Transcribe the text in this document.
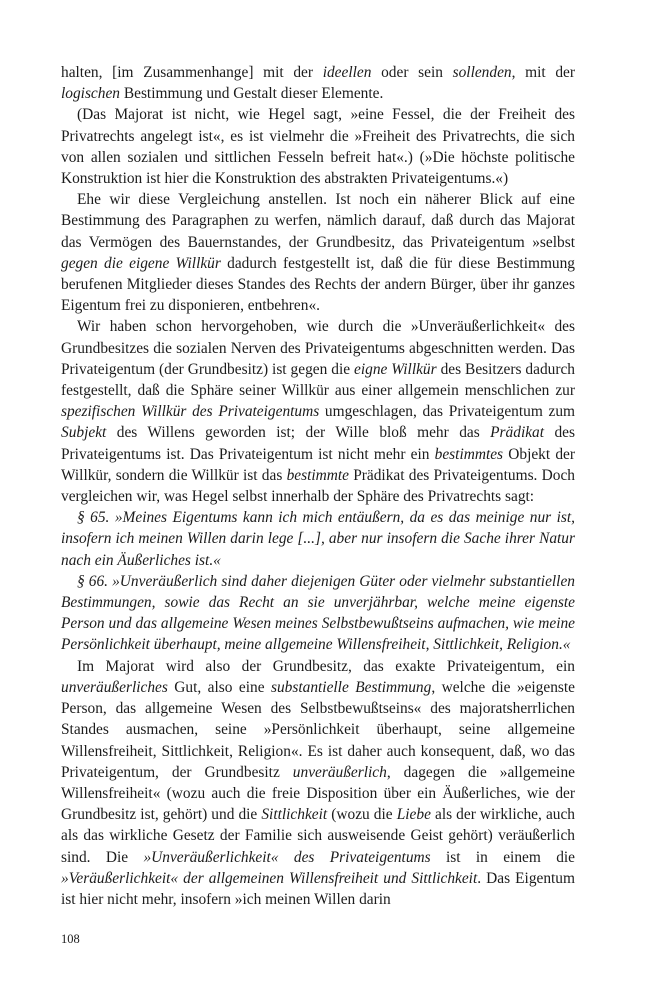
halten, [im Zusammenhange] mit der ideellen oder sein sollenden, mit der logischen Bestimmung und Gestalt dieser Elemente.

(Das Majorat ist nicht, wie Hegel sagt, »eine Fessel, die der Freiheit des Privatrechts angelegt ist«, es ist vielmehr die »Freiheit des Privatrechts, die sich von allen sozialen und sittlichen Fesseln befreit hat«.) (»Die höchste politische Konstruktion ist hier die Konstruktion des abstrakten Privateigentums.«)

Ehe wir diese Vergleichung anstellen. Ist noch ein näherer Blick auf eine Bestimmung des Paragraphen zu werfen, nämlich darauf, daß durch das Majorat das Vermögen des Bauernstandes, der Grundbesitz, das Privateigentum »selbst gegen die eigene Willkür dadurch festgestellt ist, daß die für diese Bestimmung berufenen Mitglieder dieses Standes des Rechts der andern Bürger, über ihr ganzes Eigentum frei zu disponieren, entbehren«.

Wir haben schon hervorgehoben, wie durch die »Unveräußerlichkeit« des Grundbesitzes die sozialen Nerven des Privateigentums abgeschnitten werden. Das Privateigentum (der Grundbesitz) ist gegen die eigne Willkür des Besitzers dadurch festgestellt, daß die Sphäre seiner Willkür aus einer allgemein menschlichen zur spezifischen Willkür des Privateigentums umgeschlagen, das Privateigentum zum Subjekt des Willens geworden ist; der Wille bloß mehr das Prädikat des Privateigentums ist. Das Privateigentum ist nicht mehr ein bestimmtes Objekt der Willkür, sondern die Willkür ist das bestimmte Prädikat des Privateigentums. Doch vergleichen wir, was Hegel selbst innerhalb der Sphäre des Privatrechts sagt:

§ 65. »Meines Eigentums kann ich mich entäußern, da es das meinige nur ist, insofern ich meinen Willen darin lege [...], aber nur insofern die Sache ihrer Natur nach ein Äußerliches ist.«

§ 66. »Unveräußerlich sind daher diejenigen Güter oder vielmehr substantiellen Bestimmungen, sowie das Recht an sie unverjährbar, welche meine eigenste Person und das allgemeine Wesen meines Selbstbewußtseins aufmachen, wie meine Persönlichkeit überhaupt, meine allgemeine Willensfreiheit, Sittlichkeit, Religion.«

Im Majorat wird also der Grundbesitz, das exakte Privateigentum, ein unveräußerliches Gut, also eine substantielle Bestimmung, welche die »eigenste Person, das allgemeine Wesen des Selbstbewußtseins« des majoratsherrlichen Standes ausmachen, seine »Persönlichkeit überhaupt, seine allgemeine Willensfreiheit, Sittlichkeit, Religion«. Es ist daher auch konsequent, daß, wo das Privateigentum, der Grundbesitz unveräußerlich, dagegen die »allgemeine Willensfreiheit« (wozu auch die freie Disposition über ein Äußerliches, wie der Grundbesitz ist, gehört) und die Sittlichkeit (wozu die Liebe als der wirkliche, auch als das wirkliche Gesetz der Familie sich ausweisende Geist gehört) veräußerlich sind. Die »Unveräußerlichkeit« des Privateigentums ist in einem die »Veräußerlichkeit« der allgemeinen Willensfreiheit und Sittlichkeit. Das Eigentum ist hier nicht mehr, insofern »ich meinen Willen darin

108
